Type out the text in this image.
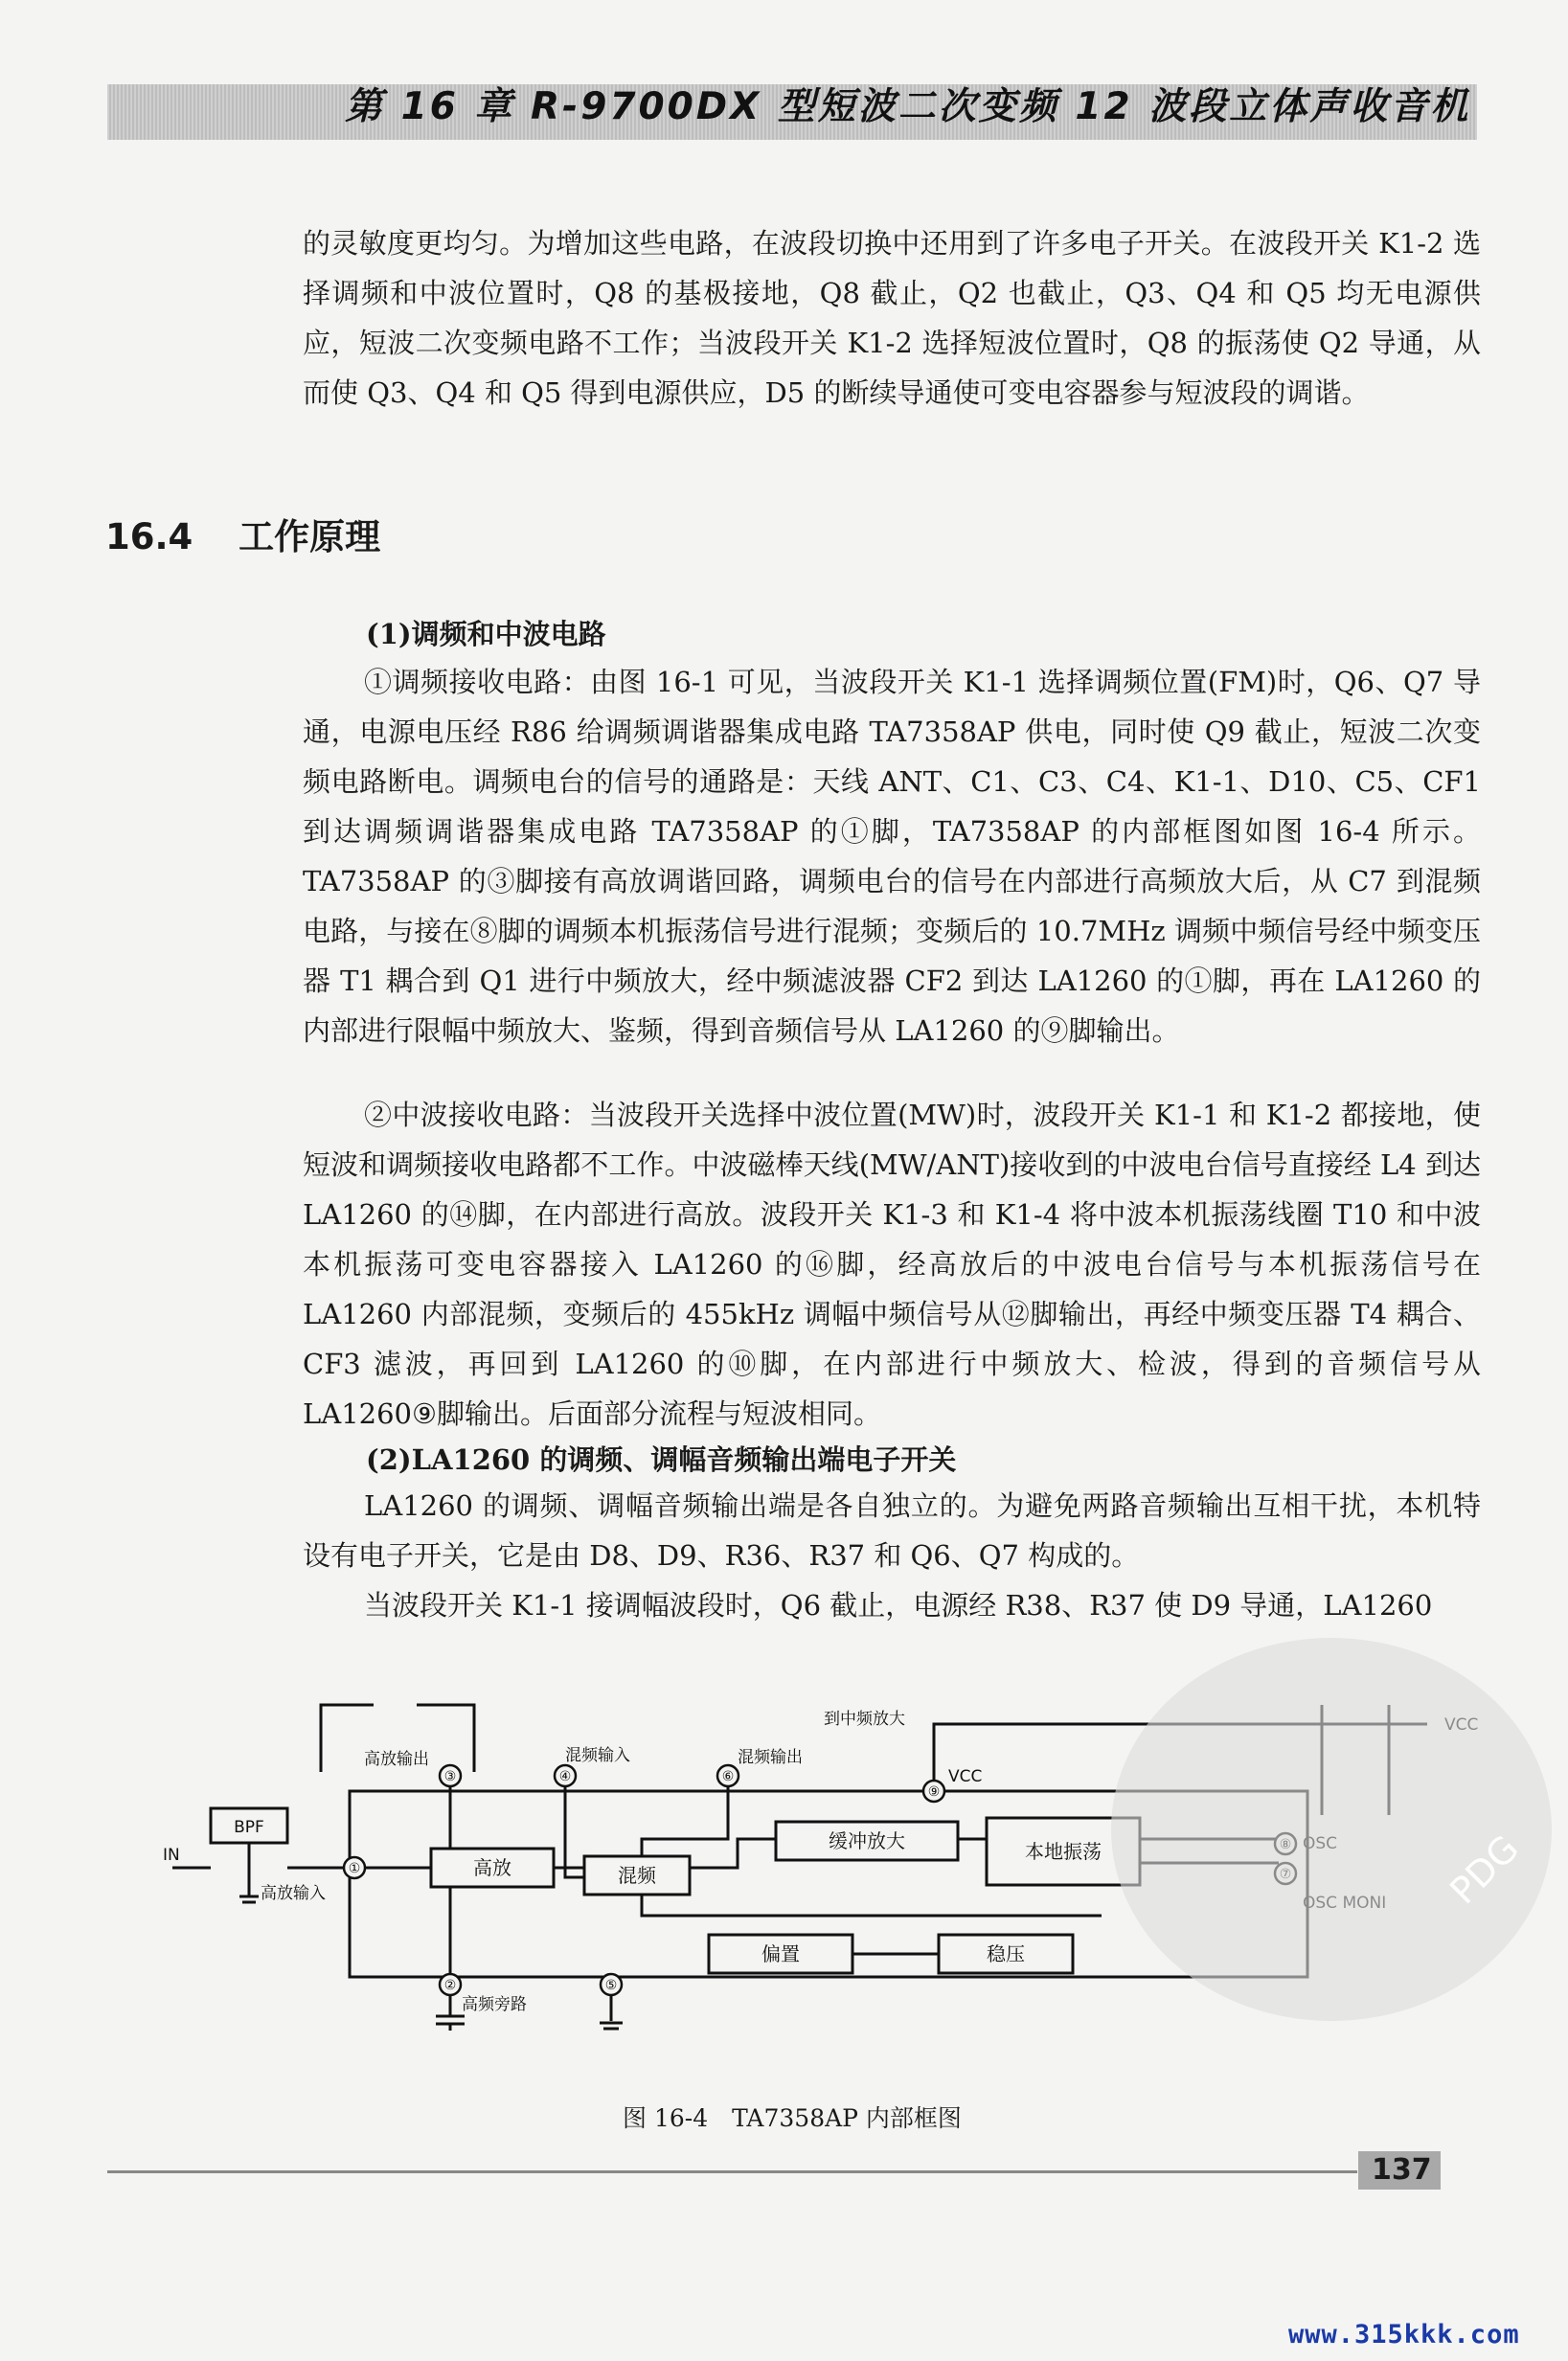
第 16 章 R-9700DX 型短波二次变频 12 波段立体声收音机
的灵敏度更均匀。为增加这些电路，在波段切换中还用到了许多电子开关。在波段开关 K1-2 选择调频和中波位置时，Q8 的基极接地，Q8 截止，Q2 也截止，Q3、Q4 和 Q5 均无电源供应，短波二次变频电路不工作；当波段开关 K1-2 选择短波位置时，Q8 的振荡使 Q2 导通，从而使 Q3、Q4 和 Q5 得到电源供应，D5 的断续导通使可变电容器参与短波段的调谐。
16.4 工作原理
(1)调频和中波电路
①调频接收电路：由图 16-1 可见，当波段开关 K1-1 选择调频位置(FM)时，Q6、Q7 导通，电源电压经 R86 给调频调谐器集成电路 TA7358AP 供电，同时使 Q9 截止，短波二次变频电路断电。调频电台的信号的通路是：天线 ANT、C1、C3、C4、K1-1、D10、C5、CF1 到达调频调谐器集成电路 TA7358AP 的①脚，TA7358AP 的内部框图如图 16-4 所示。TA7358AP 的③脚接有高放调谐回路，调频电台的信号在内部进行高频放大后，从 C7 到混频电路，与接在⑧脚的调频本机振荡信号进行混频；变频后的 10.7MHz 调频中频信号经中频变压器 T1 耦合到 Q1 进行中频放大，经中频滤波器 CF2 到达 LA1260 的①脚，再在 LA1260 的内部进行限幅中频放大、鉴频，得到音频信号从 LA1260 的⑨脚输出。
②中波接收电路：当波段开关选择中波位置(MW)时，波段开关 K1-1 和 K1-2 都接地，使短波和调频接收电路都不工作。中波磁棒天线(MW/ANT)接收到的中波电台信号直接经 L4 到达 LA1260 的⑭脚，在内部进行高放。波段开关 K1-3 和 K1-4 将中波本机振荡线圈 T10 和中波本机振荡可变电容器接入 LA1260 的⑯脚，经高放后的中波电台信号与本机振荡信号在 LA1260 内部混频，变频后的 455kHz 调幅中频信号从⑫脚输出，再经中频变压器 T4 耦合、CF3 滤波，再回到 LA1260 的⑩脚，在内部进行中频放大、检波，得到的音频信号从 LA1260⑨脚输出。后面部分流程与短波相同。
(2)LA1260 的调频、调幅音频输出端电子开关
LA1260 的调频、调幅音频输出端是各自独立的。为避免两路音频输出互相干扰，本机特设有电子开关，它是由 D8、D9、R36、R37 和 Q6、Q7 构成的。
当波段开关 K1-1 接调幅波段时，Q6 截止，电源经 R38、R37 使 D9 导通，LA1260
①
②
③	④
⑤
⑥
⑨
高放	混频
缓冲放大	本地振荡
偏置	稳压
BPF
IN
高放输入
高放输出	混频输入	混频输出
到中频放大
VCC
高频旁路
图 16-4　TA7358AP 内部框图
PDG
137
www.315kkk.com
